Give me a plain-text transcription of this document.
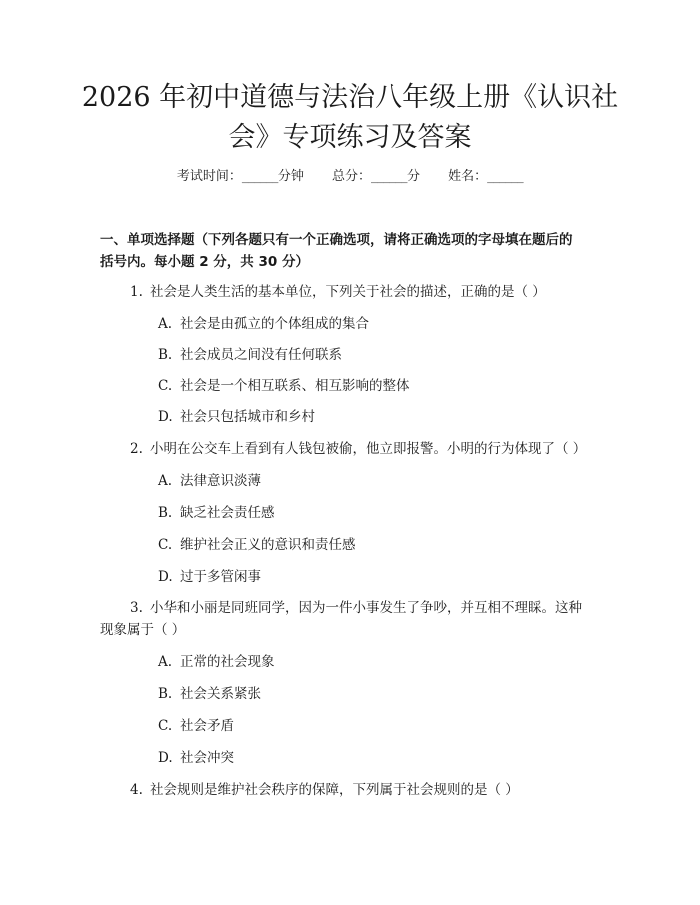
2026 年初中道德与法治八年级上册《认识社
会》专项练习及答案
考试时间：______分钟 总分：______分 姓名：______
一、单项选择题（下列各题只有一个正确选项，请将正确选项的字母填在题后的
括号内。每小题 2 分，共 30 分）
1. 社会是人类生活的基本单位，下列关于社会的描述，正确的是（ ）
A. 社会是由孤立的个体组成的集合
B. 社会成员之间没有任何联系
C. 社会是一个相互联系、相互影响的整体
D. 社会只包括城市和乡村
2. 小明在公交车上看到有人钱包被偷，他立即报警。小明的行为体现了（ ）
A. 法律意识淡薄
B. 缺乏社会责任感
C. 维护社会正义的意识和责任感
D. 过于多管闲事
3. 小华和小丽是同班同学，因为一件小事发生了争吵，并互相不理睬。这种
现象属于（ ）
A. 正常的社会现象
B. 社会关系紧张
C. 社会矛盾
D. 社会冲突
4. 社会规则是维护社会秩序的保障，下列属于社会规则的是（ ）
